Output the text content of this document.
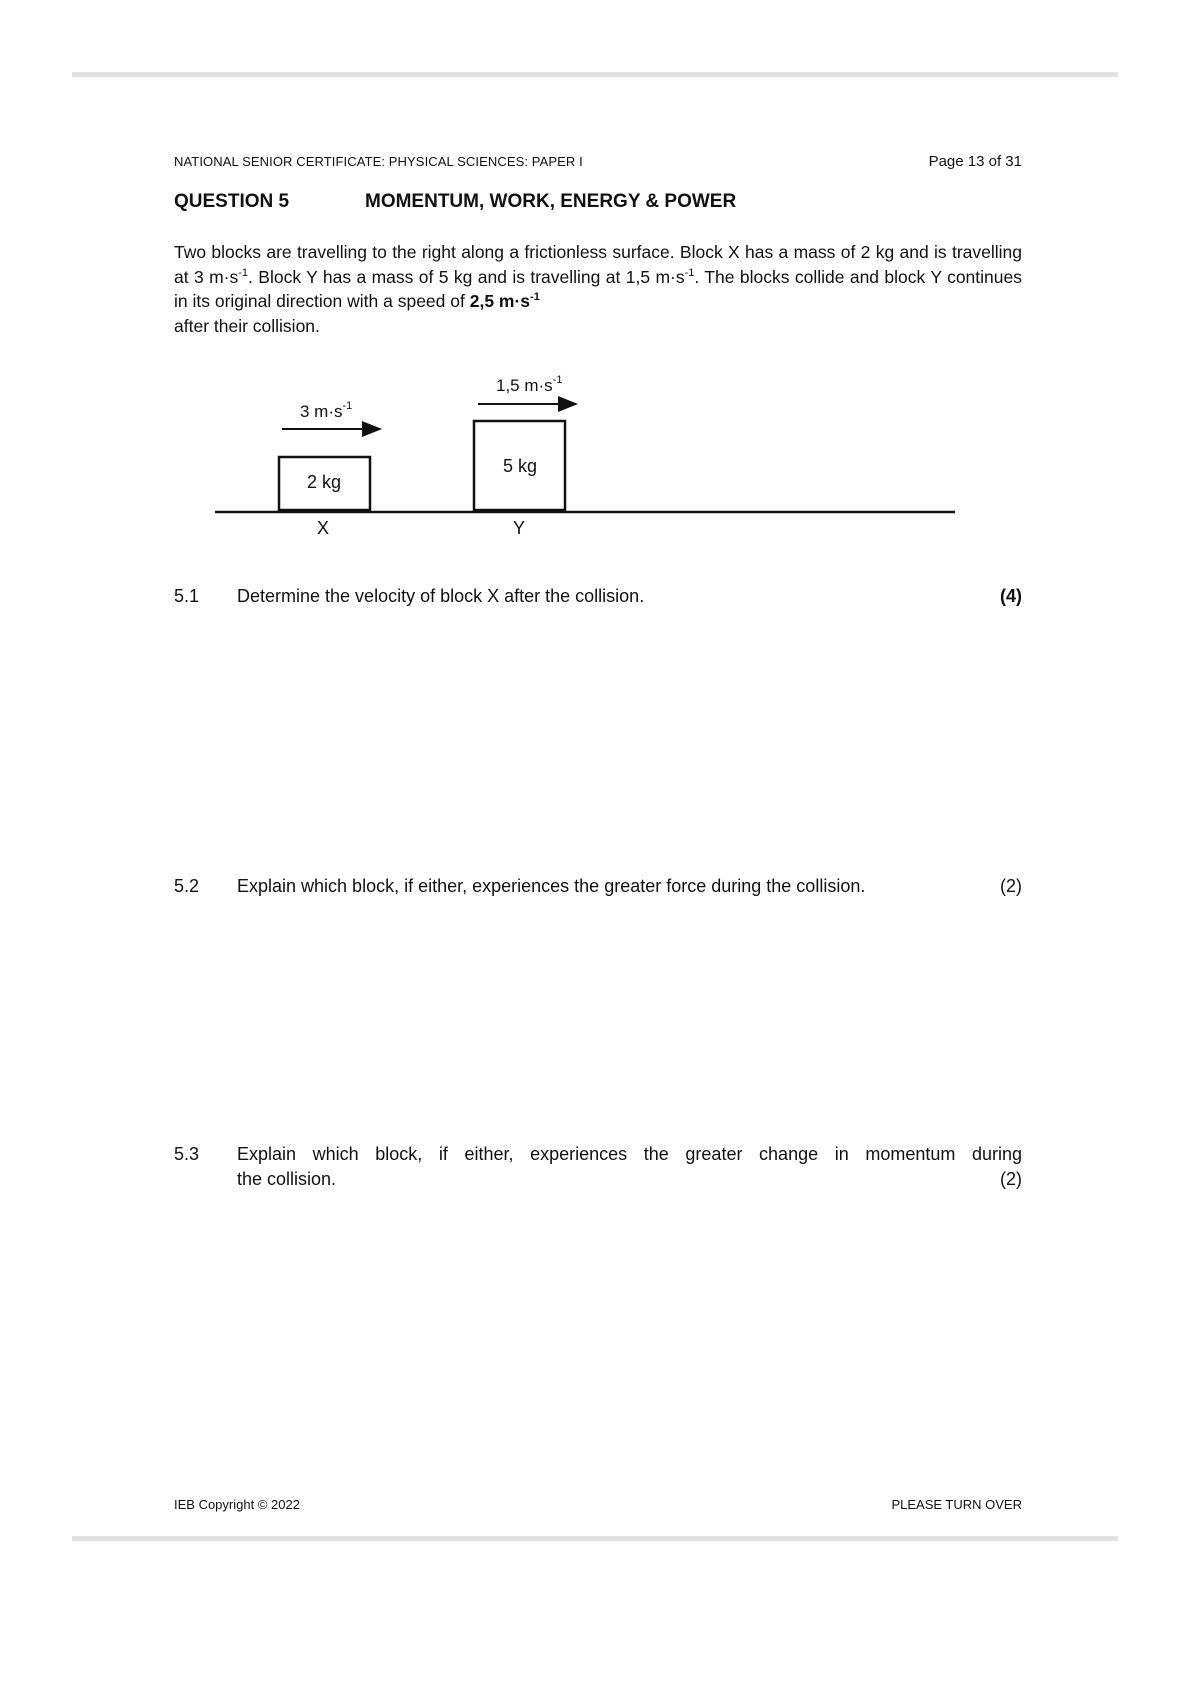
NATIONAL SENIOR CERTIFICATE: PHYSICAL SCIENCES: PAPER I	Page 13 of 31
QUESTION 5	MOMENTUM, WORK, ENERGY & POWER
Two blocks are travelling to the right along a frictionless surface. Block X has a mass of 2 kg and is travelling at 3 $m\cdot s^{-1}$. Block Y has a mass of 5 kg and is travelling at 1,5 $m\cdot s^{-1}$. The blocks collide and block Y continues in its original direction with a speed of 2,5 $m\cdot s^{-1}$
after their collision.
2 kg
X
3 $m\cdot s^{-1}$
5 kg
Y
1,5 $m\cdot s^{-1}$
5.1 Determine the velocity of block X after the collision.	(4)
5.2 Explain which block, if either, experiences the greater force during the collision.	(2)
5.3 Explain which block, if either, experiences the greater change in momentum during
the collision.	(2)
IEB Copyright © 2022	PLEASE TURN OVER
